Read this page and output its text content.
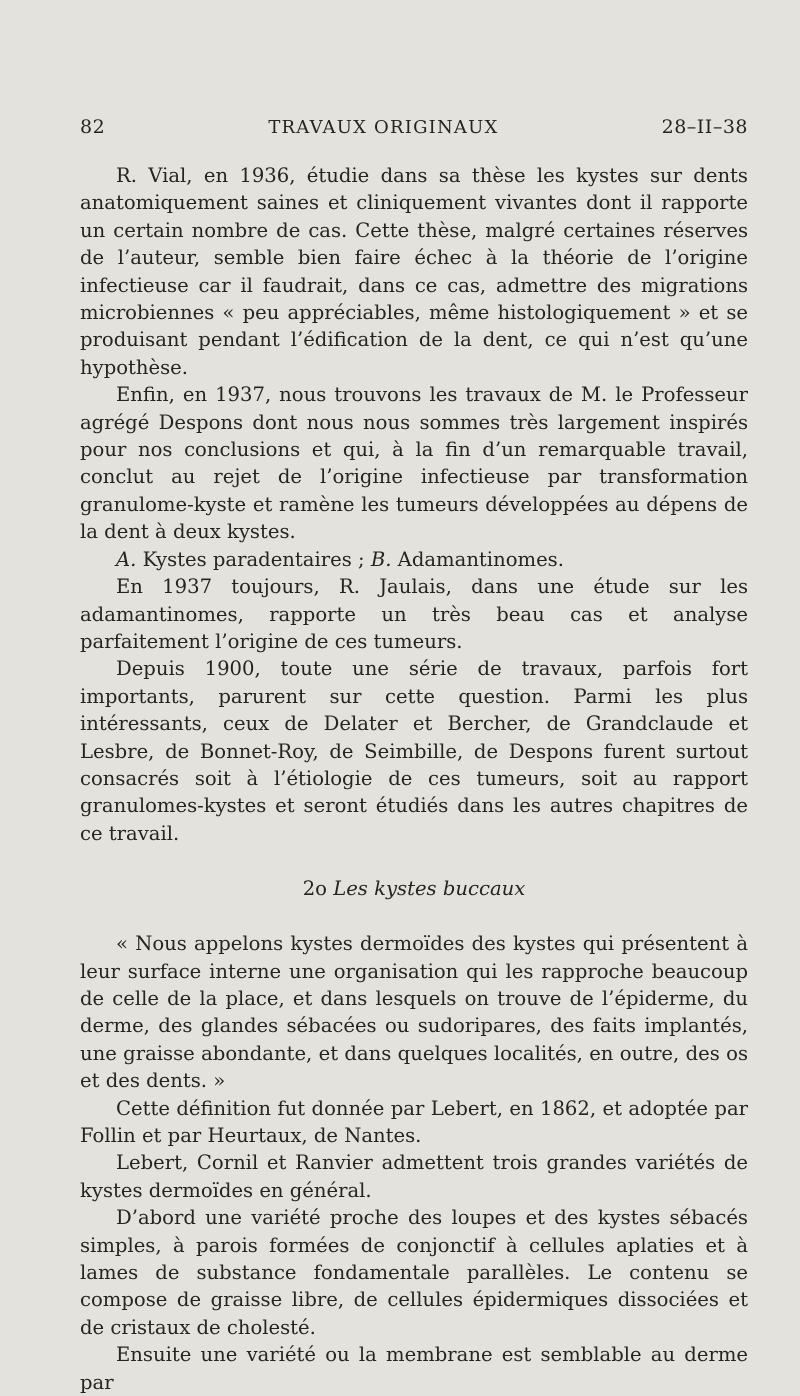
82	TRAVAUX ORIGINAUX	28–II–38

R. Vial, en 1936, étudie dans sa thèse les kystes sur dents anatomiquement saines et cliniquement vivantes dont il rapporte un certain nombre de cas. Cette thèse, malgré certaines réserves de l’auteur, semble bien faire échec à la théorie de l’origine infectieuse car il faudrait, dans ce cas, admettre des migrations microbiennes « peu appréciables, même histologiquement » et se produisant pendant l’édification de la dent, ce qui n’est qu’une hypothèse.

Enfin, en 1937, nous trouvons les travaux de M. le Professeur agrégé Despons dont nous nous sommes très largement inspirés pour nos conclusions et qui, à la fin d’un remarquable travail, conclut au rejet de l’origine infectieuse par transformation granulome-kyste et ramène les tumeurs développées au dépens de la dent à deux kystes.

A. Kystes paradentaires ; B. Adamantinomes.

En 1937 toujours, R. Jaulais, dans une étude sur les adamantinomes, rapporte un très beau cas et analyse parfaitement l’origine de ces tumeurs.

Depuis 1900, toute une série de travaux, parfois fort importants, parurent sur cette question. Parmi les plus intéressants, ceux de Delater et Bercher, de Grandclaude et Lesbre, de Bonnet-Roy, de Seimbille, de Despons furent surtout consacrés soit à l’étiologie de ces tumeurs, soit au rapport granulomes-kystes et seront étudiés dans les autres chapitres de ce travail.

2o Les kystes buccaux

« Nous appelons kystes dermoïdes des kystes qui présentent à leur surface interne une organisation qui les rapproche beaucoup de celle de la place, et dans lesquels on trouve de l’épiderme, du derme, des glandes sébacées ou sudoripares, des faits implantés, une graisse abondante, et dans quelques localités, en outre, des os et des dents. »

Cette définition fut donnée par Lebert, en 1862, et adoptée par Follin et par Heurtaux, de Nantes.

Lebert, Cornil et Ranvier admettent trois grandes variétés de kystes dermoïdes en général.

D’abord une variété proche des loupes et des kystes sébacés simples, à parois formées de conjonctif à cellules aplaties et à lames de substance fondamentale parallèles. Le contenu se compose de graisse libre, de cellules épidermiques dissociées et de cristaux de cholesté.

Ensuite une variété ou la membrane est semblable au derme par
